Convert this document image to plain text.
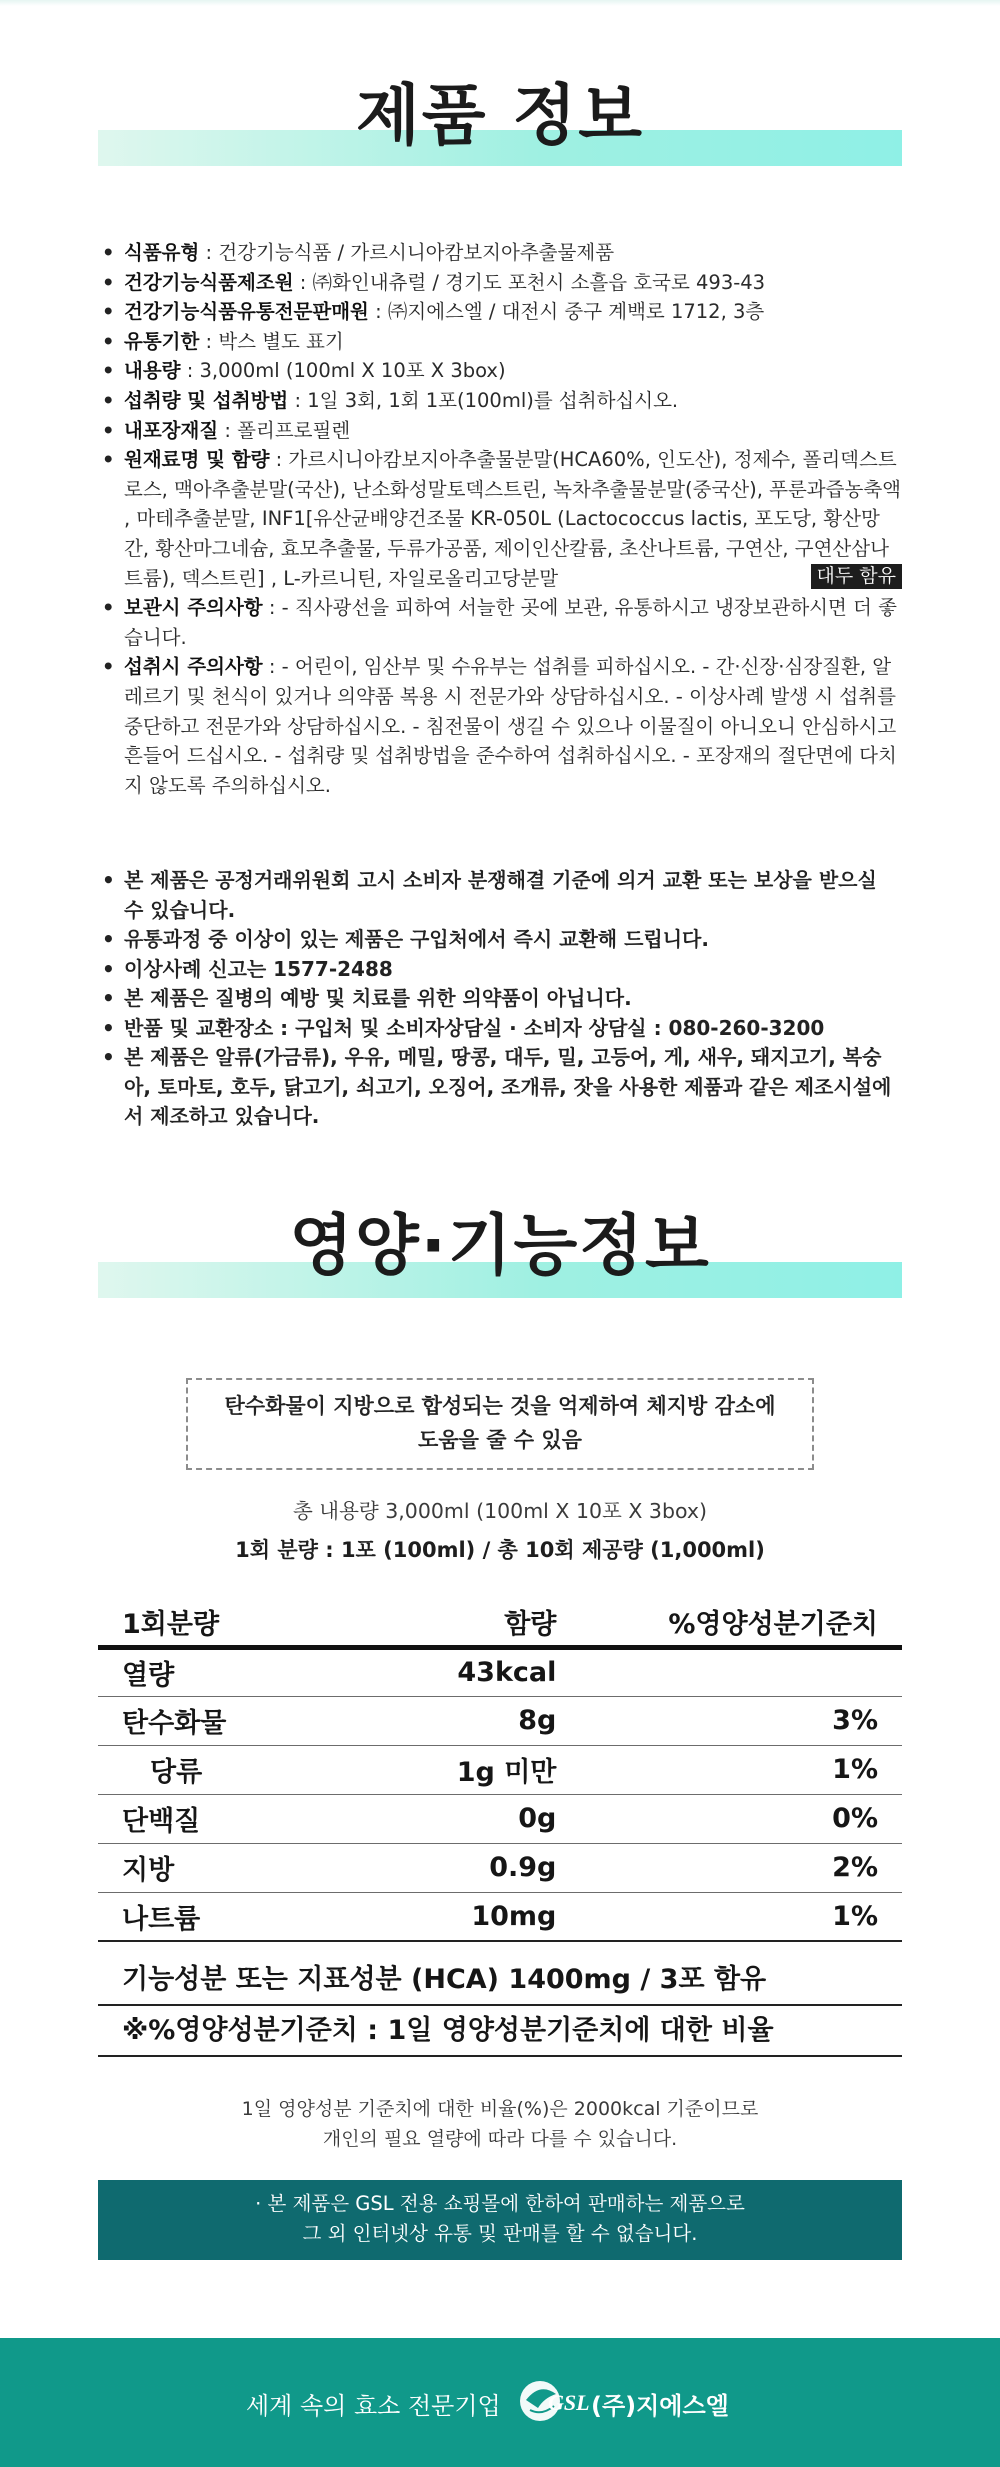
제품 정보
• 식품유형 : 건강기능식품 / 가르시니아캄보지아추출물제품
• 건강기능식품제조원 : ㈜화인내츄럴 / 경기도 포천시 소흘읍 호국로 493-43
• 건강기능식품유통전문판매원 : ㈜지에스엘 / 대전시 중구 계백로 1712, 3층
• 유통기한 : 박스 별도 표기
• 내용량 : 3,000ml (100ml X 10포 X 3box)
• 섭취량 및 섭취방법 : 1일 3회, 1회 1포(100ml)를 섭취하십시오.
• 내포장재질 : 폴리프로필렌
• 원재료명 및 함량 : 가르시니아캄보지아추출물분말(HCA60%, 인도산), 정제수, 폴리덱스트로스, 맥아추출분말(국산), 난소화성말토덱스트린, 녹차추출물분말(중국산), 푸룬과즙농축액 , 마테추출분말, INF1[유산균배양건조물 KR-050L (Lactococcus lactis, 포도당, 황산망간, 황산마그네슘, 효모추출물, 두류가공품, 제이인산칼륨, 초산나트륨, 구연산, 구연산삼나트륨), 덱스트린] , L-카르니틴, 자일로올리고당분말	대두 함유
• 보관시 주의사항 : - 직사광선을 피하여 서늘한 곳에 보관, 유통하시고 냉장보관하시면 더 좋습니다.
• 섭취시 주의사항 : - 어린이, 임산부 및 수유부는 섭취를 피하십시오. - 간·신장·심장질환, 알레르기 및 천식이 있거나 의약품 복용 시 전문가와 상담하십시오. - 이상사례 발생 시 섭취를 중단하고 전문가와 상담하십시오. - 침전물이 생길 수 있으나 이물질이 아니오니 안심하시고 흔들어 드십시오. - 섭취량 및 섭취방법을 준수하여 섭취하십시오. - 포장재의 절단면에 다치지 않도록 주의하십시오.
• 본 제품은 공정거래위원회 고시 소비자 분쟁해결 기준에 의거 교환 또는 보상을 받으실 수 있습니다.
• 유통과정 중 이상이 있는 제품은 구입처에서 즉시 교환해 드립니다.
• 이상사례 신고는 1577-2488
• 본 제품은 질병의 예방 및 치료를 위한 의약품이 아닙니다.
• 반품 및 교환장소 : 구입처 및 소비자상담실 · 소비자 상담실 : 080-260-3200
• 본 제품은 알류(가금류), 우유, 메밀, 땅콩, 대두, 밀, 고등어, 게, 새우, 돼지고기, 복숭아, 토마토, 호두, 닭고기, 쇠고기, 오징어, 조개류, 잣을 사용한 제품과 같은 제조시설에서 제조하고 있습니다.
영양·기능정보
탄수화물이 지방으로 합성되는 것을 억제하여 체지방 감소에
도움을 줄 수 있음
총 내용량 3,000ml (100ml X 10포 X 3box)
1회 분량 : 1포 (100ml) / 총 10회 제공량 (1,000ml)
1회분량	함량	%영양성분기준치
열량	43kcal	
탄수화물	8g	3%
당류	1g 미만	1%
단백질	0g	0%
지방	0.9g	2%
나트륨	10mg	1%
기능성분 또는 지표성분 (HCA) 1400mg / 3포 함유
※%영양성분기준치 : 1일 영양성분기준치에 대한 비율
1일 영양성분 기준치에 대한 비율(%)은 2000kcal 기준이므로
개인의 필요 열량에 따라 다를 수 있습니다.
· 본 제품은 GSL 전용 쇼핑몰에 한하여 판매하는 제품으로
그 외 인터넷상 유통 및 판매를 할 수 없습니다.
세계 속의 효소 전문기업 GSL (주)지에스엘
